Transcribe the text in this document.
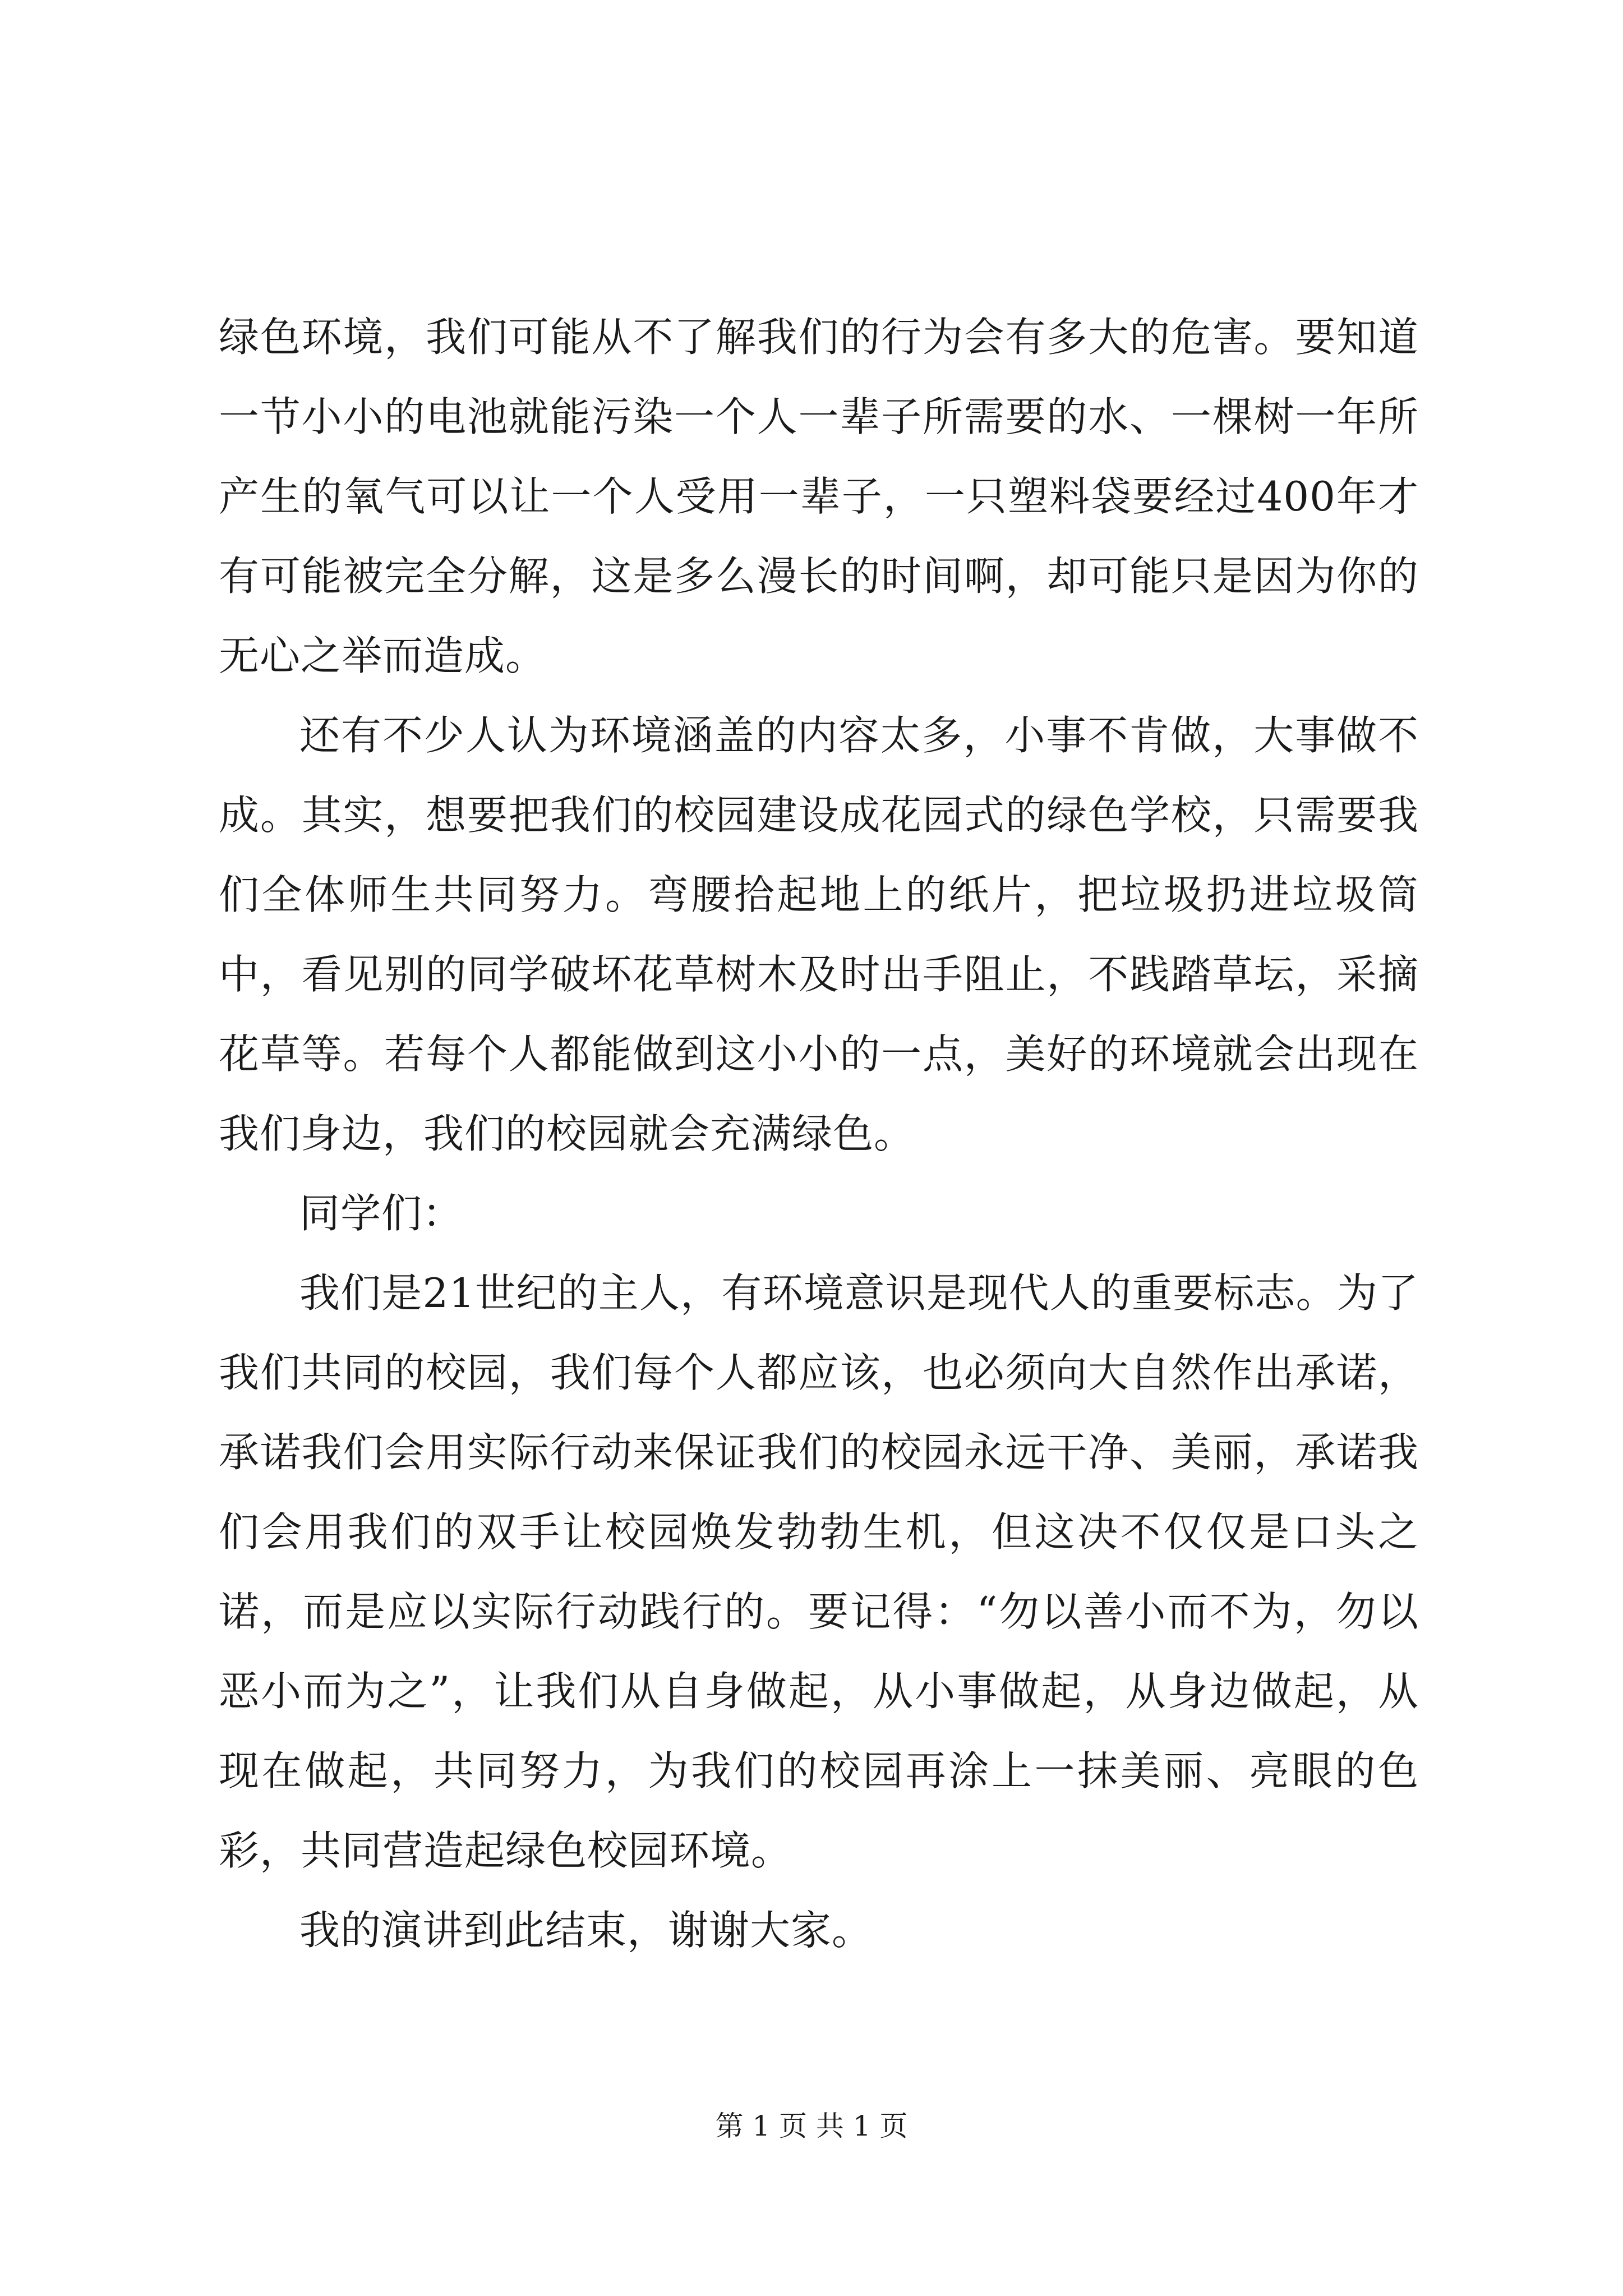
绿色环境，我们可能从不了解我们的行为会有多大的危害。要知道一节小小的电池就能污染一个人一辈子所需要的水、一棵树一年所产生的氧气可以让一个人受用一辈子，一只塑料袋要经过400年才有可能被完全分解，这是多么漫长的时间啊，却可能只是因为你的无心之举而造成。

还有不少人认为环境涵盖的内容太多，小事不肯做，大事做不成。其实，想要把我们的校园建设成花园式的绿色学校，只需要我们全体师生共同努力。弯腰拾起地上的纸片，把垃圾扔进垃圾筒中，看见别的同学破坏花草树木及时出手阻止，不践踏草坛，采摘花草等。若每个人都能做到这小小的一点，美好的环境就会出现在我们身边，我们的校园就会充满绿色。

同学们：

我们是21世纪的主人，有环境意识是现代人的重要标志。为了我们共同的校园，我们每个人都应该，也必须向大自然作出承诺，承诺我们会用实际行动来保证我们的校园永远干净、美丽，承诺我们会用我们的双手让校园焕发勃勃生机，但这决不仅仅是口头之诺，而是应以实际行动践行的。要记得：“勿以善小而不为，勿以恶小而为之”，让我们从自身做起，从小事做起，从身边做起，从现在做起，共同努力，为我们的校园再涂上一抹美丽、亮眼的色彩，共同营造起绿色校园环境。

我的演讲到此结束，谢谢大家。

第 1 页 共 1 页
